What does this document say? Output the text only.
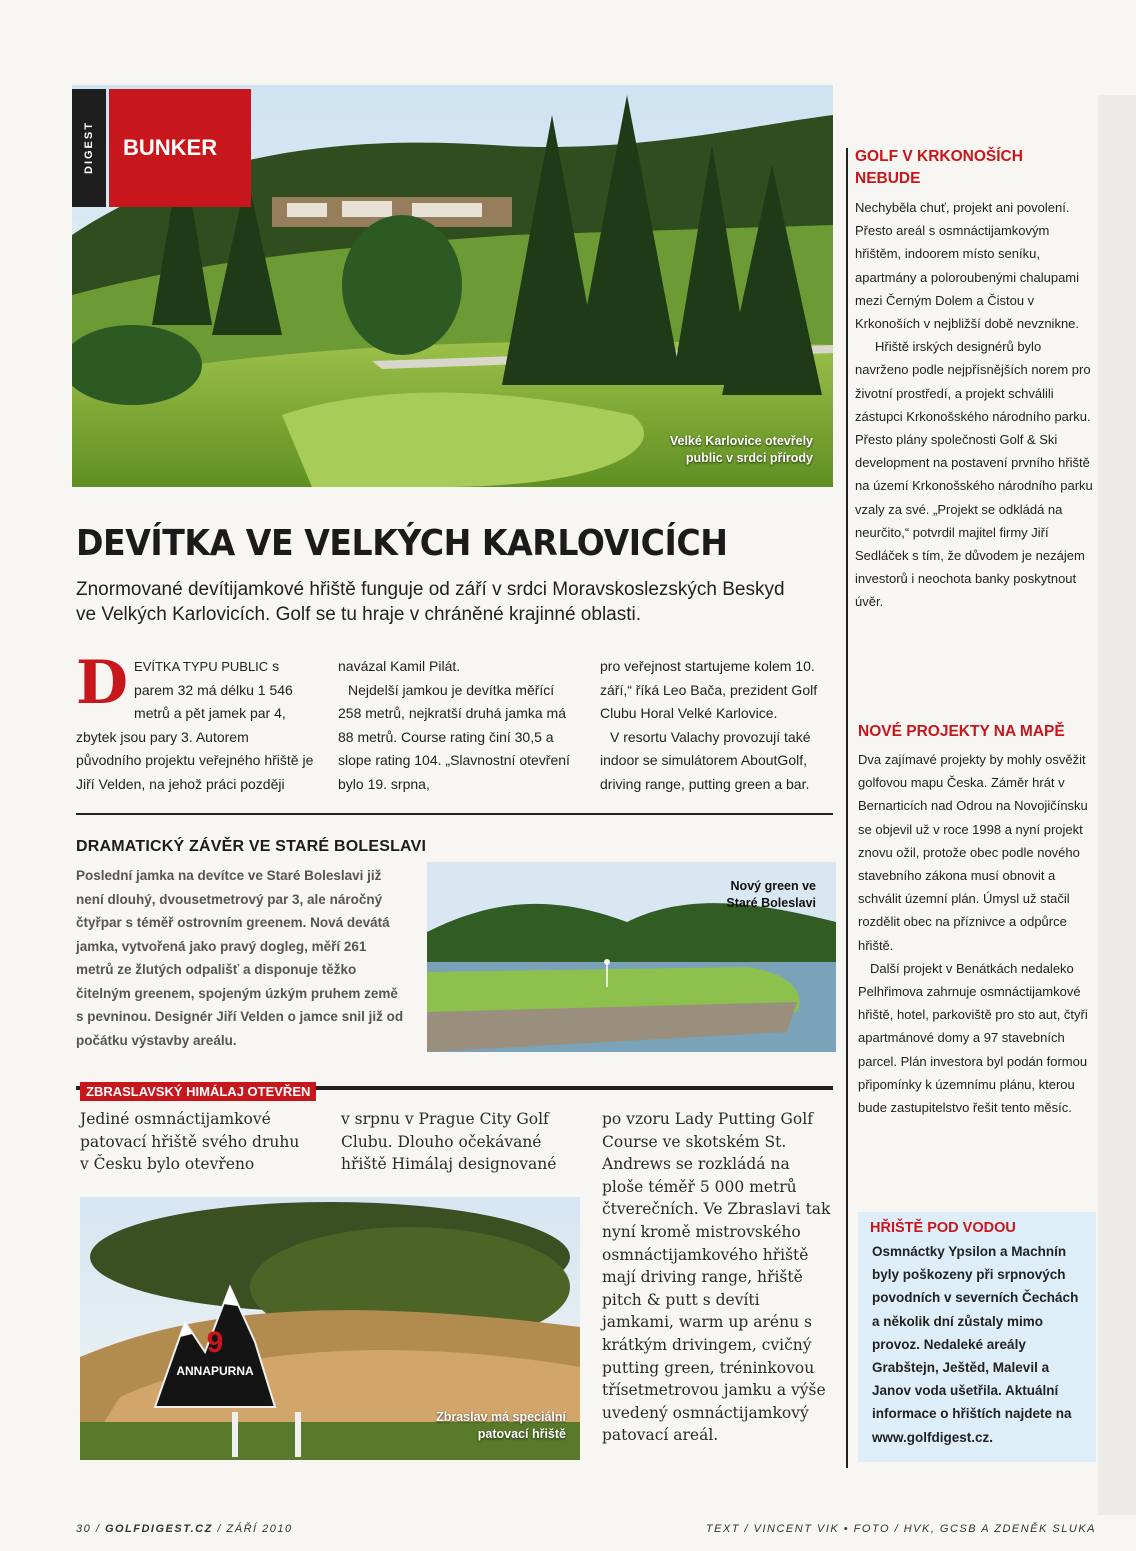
Velké Karlovice otevřely
public v srdci přírody
DIGEST	BUNKER
DEVÍTKA VE VELKÝCH KARLOVICÍCH

Znormované devítijamkové hřiště funguje od září v srdci Moravskoslezských Beskyd ve Velkých Karlovicích. Golf se tu hraje v chráněné krajinné oblasti.

D EVÍTKA TYPU PUBLIC s parem 32 má délku 1 546 metrů a pět jamek par 4, zbytek jsou pary 3. Autorem původního projektu veřejného hřiště je Jiří Velden, na jehož práci později

navázal Kamil Pilát.

Nejdelší jamkou je devítka měřící 258 metrů, nejkratší druhá jamka má 88 metrů. Course rating činí 30,5 a slope rating 104. „Slavnostní otevření bylo 19. srpna,

pro veřejnost startujeme kolem 10. září,“ říká Leo Bača, prezident Golf Clubu Horal Velké Karlovice.

V resortu Valachy provozují také indoor se simulátorem AboutGolf, driving range, putting green a bar.

DRAMATICKÝ ZÁVĚR VE STARÉ BOLESLAVI

Poslední jamka na devítce ve Staré Boleslavi již není dlouhý, dvousetmetrový par 3, ale náročný čtyřpar s téměř ostrovním greenem. Nová devátá jamka, vytvořená jako pravý dogleg, měří 261 metrů ze žlutých odpališť a disponuje těžko čitelným greenem, spojeným úzkým pruhem země s pevninou. Designér Jiří Velden o jamce snil již od počátku výstavby areálu.

Nový green ve
Staré Boleslavi
ZBRASLAVSKÝ HIMÁLAJ OTEVŘEN

Jediné osmnáctijamkové patovací hřiště svého druhu v Česku bylo otevřeno

v srpnu v Prague City Golf Clubu. Dlouho očekávané hřiště Himálaj designované

po vzoru Lady Putting Golf Course ve skotském St. Andrews se rozkládá na ploše téměř 5 000 metrů čtverečních. Ve Zbraslavi tak nyní kromě mistrovského osmnáctijamkového hřiště mají driving range, hřiště pitch & putt s devíti jamkami, warm up arénu s krátkým drivingem, cvičný putting green, tréninkovou třísetmetrovou jamku a výše uvedený osmnáctijamkový patovací areál.

9
ANNAPURNA
Zbraslav má speciální
patovací hřiště
GOLF V KRKONOŠÍCH NEBUDE

Nechyběla chuť, projekt ani povolení. Přesto areál s osmnáctijamkovým hřištěm, indoorem místo seníku, apartmány a poloroubenými chalupami mezi Černým Dolem a Čistou v Krkonoších v nejbližší době nevznikne.

Hřiště irských designérů bylo navrženo podle nejpřísnějších norem pro životní prostředí, a projekt schválili zástupci Krkonošského národního parku. Přesto plány společnosti Golf & Ski development na postavení prvního hřiště na území Krkonošského národního parku vzaly za své. „Projekt se odkládá na neurčito,“ potvrdil majitel firmy Jiří Sedláček s tím, že důvodem je nezájem investorů i neochota banky poskytnout úvěr.

NOVÉ PROJEKTY NA MAPĚ

Dva zajímavé projekty by mohly osvěžit golfovou mapu Česka. Záměr hrát v Bernarticích nad Odrou na Novojičínsku se objevil už v roce 1998 a nyní projekt znovu ožil, protože obec podle nového stavebního zákona musí obnovit a schválit územní plán. Úmysl už stačil rozdělit obec na příznivce a odpůrce hřiště.

Další projekt v Benátkách nedaleko Pelhřimova zahrnuje osmnáctijamkové hřiště, hotel, parkoviště pro sto aut, čtyři apartmánové domy a 97 stavebních parcel. Plán investora byl podán formou připomínky k územnímu plánu, kterou bude zastupitelstvo řešit tento měsíc.

HŘIŠTĚ POD VODOU

Osmnáctky Ypsilon a Machnín byly poškozeny při srpnových povodních v severních Čechách a několik dní zůstaly mimo provoz. Nedaleké areály Grabštejn, Ještěd, Malevil a Janov voda ušetřila. Aktuální informace o hřištích najdete na www.golfdigest.cz.

30 / GOLFDIGEST.CZ / ZÁŘÍ 2010	TEXT / VINCENT VIK • FOTO / HVK, GCSB A ZDENĚK SLUKA
